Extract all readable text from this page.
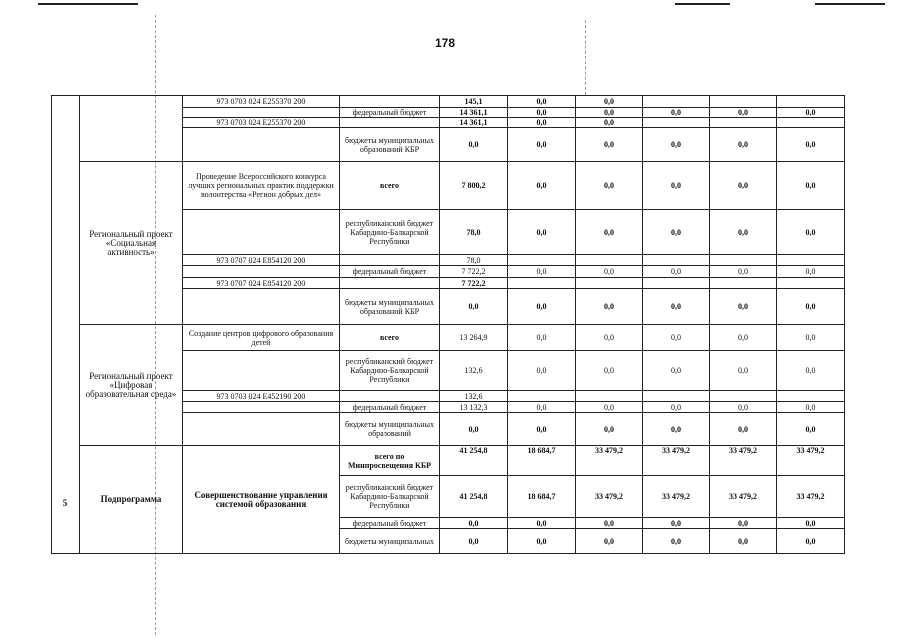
178
		973 0703 024 E255370 200		145,1	0,0	0,0			
			федеральный бюджет	14 361,1	0,0	0,0	0,0	0,0	0,0
		973 0703 024 E255370 200		14 361,1	0,0	0,0			
			бюджеты муниципальных образований КБР	0,0	0,0	0,0	0,0	0,0	0,0
	Региональный проект «Социальная активность»	Проведение Всероссийского конкурса лучших региональных практик поддержки волонтерства «Регион добрых дел»	всего	7 800,2	0,0	0,0	0,0	0,0	0,0
			республиканский бюджет Кабардино-Балкарской Республики	78,0	0,0	0,0	0,0	0,0	0,0
		973 0707 024 E854120 200		78,0					
			федеральный бюджет	7 722,2	0,0	0,0	0,0	0,0	0,0
		973 0707 024 E854120 200		7 722,2					
			бюджеты муниципальных образований КБР	0,0	0,0	0,0	0,0	0,0	0,0
	Региональный проект «Цифровая образовательная среда»	Создание центров цифрового образования детей	всего	13 264,9	0,0	0,0	0,0	0,0	0,0
			республиканский бюджет Кабардино-Балкарской Республики	132,6	0,0	0,0	0,0	0,0	0,0
		973 0703 024 E452190 200		132,6					
			федеральный бюджет	13 132,3	0,0	0,0	0,0	0,0	0,0
			бюджеты муниципальных образований	0,0	0,0	0,0	0,0	0,0	0,0
	Подпрограмма	Совершенствование управления системой образования	всего по Минпросвещения КБР	41 254,8	18 684,7	33 479,2	33 479,2	33 479,2	33 479,2
			республиканский бюджет Кабардино-Балкарской Республики	41 254,8	18 684,7	33 479,2	33 479,2	33 479,2	33 479,2
			федеральный бюджет	0,0	0,0	0,0	0,0	0,0	0,0
			бюджеты муниципальных	0,0	0,0	0,0	0,0	0,0	0,0
5
